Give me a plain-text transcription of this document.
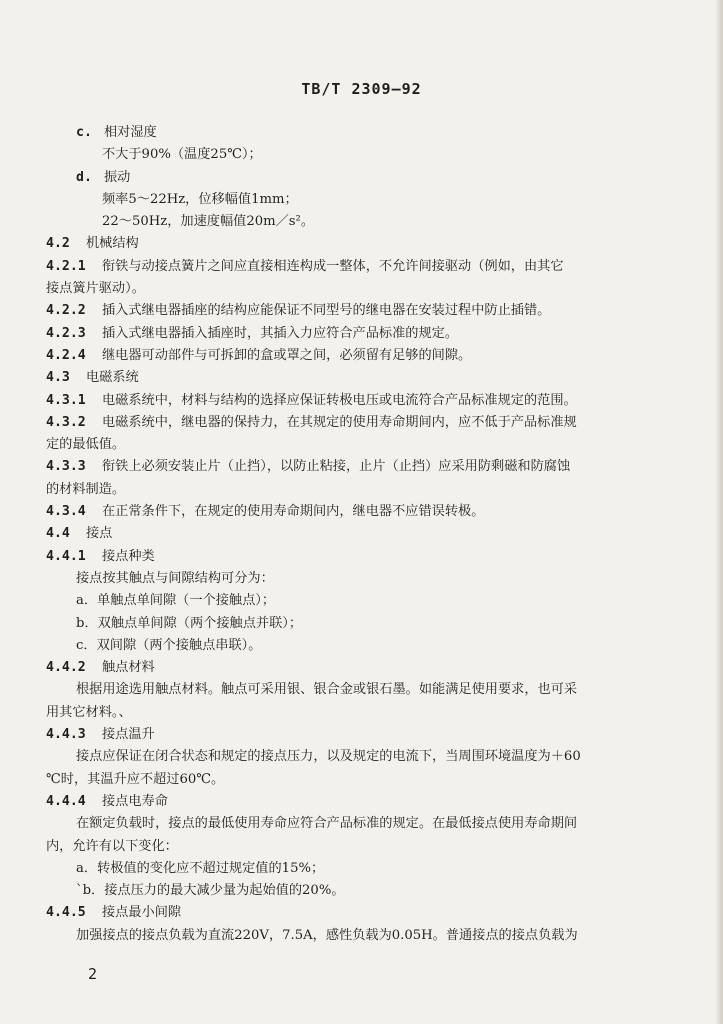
TB/T 2309—92
c. 相对湿度
不大于90%（温度25℃）；
d. 振动
频率5～22Hz，位移幅值1mm；
22～50Hz，加速度幅值20m／s²。
4.2 机械结构
4.2.1 衔铁与动接点簧片之间应直接相连构成一整体，不允许间接驱动（例如，由其它
接点簧片驱动）。
4.2.2 插入式继电器插座的结构应能保证不同型号的继电器在安装过程中防止插错。
4.2.3 插入式继电器插入插座时，其插入力应符合产品标准的规定。
4.2.4 继电器可动部件与可拆卸的盒或罩之间，必须留有足够的间隙。
4.3 电磁系统
4.3.1 电磁系统中，材料与结构的选择应保证转极电压或电流符合产品标准规定的范围。
4.3.2 电磁系统中，继电器的保持力，在其规定的使用寿命期间内，应不低于产品标准规
定的最低值。
4.3.3 衔铁上必须安装止片（止挡），以防止粘接，止片（止挡）应采用防剩磁和防腐蚀
的材料制造。
4.3.4 在正常条件下，在规定的使用寿命期间内，继电器不应错误转极。
4.4 接点
4.4.1 接点种类
接点按其触点与间隙结构可分为：
a．单触点单间隙（一个接触点）；
b．双触点单间隙（两个接触点并联）；
c．双间隙（两个接触点串联）。
4.4.2 触点材料
根据用途选用触点材料。触点可采用银、银合金或银石墨。如能满足使用要求，也可采
用其它材料。、
4.4.3 接点温升
接点应保证在闭合状态和规定的接点压力，以及规定的电流下，当周围环境温度为＋60
℃时，其温升应不超过60℃。
4.4.4 接点电寿命
在额定负载时，接点的最低使用寿命应符合产品标准的规定。在最低接点使用寿命期间
内，允许有以下变化：
a．转极值的变化应不超过规定值的15%；
`b．接点压力的最大减少量为起始值的20%。
4.4.5 接点最小间隙
加强接点的接点负载为直流220V，7.5A，感性负载为0.05H。普通接点的接点负载为
2
